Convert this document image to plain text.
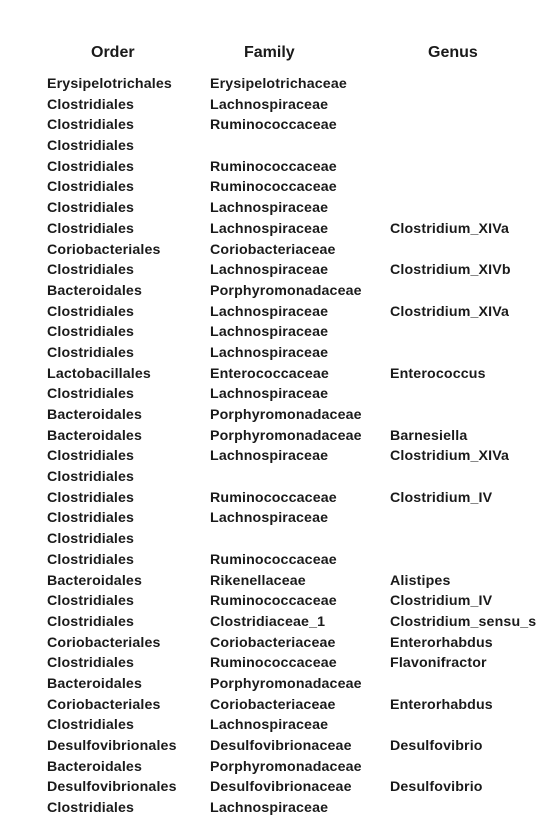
Order	Family	Genus
Erysipelotrichales	Erysipelotrichaceae
Clostridiales	Lachnospiraceae
Clostridiales	Ruminococcaceae
Clostridiales
Clostridiales	Ruminococcaceae
Clostridiales	Ruminococcaceae
Clostridiales	Lachnospiraceae
Clostridiales	Lachnospiraceae	Clostridium_XIVa
Coriobacteriales	Coriobacteriaceae
Clostridiales	Lachnospiraceae	Clostridium_XIVb
Bacteroidales	Porphyromonadaceae
Clostridiales	Lachnospiraceae	Clostridium_XIVa
Clostridiales	Lachnospiraceae
Clostridiales	Lachnospiraceae
Lactobacillales	Enterococcaceae	Enterococcus
Clostridiales	Lachnospiraceae
Bacteroidales	Porphyromonadaceae
Bacteroidales	Porphyromonadaceae Barnesiella
Clostridiales	Lachnospiraceae	Clostridium_XIVa
Clostridiales
Clostridiales	Ruminococcaceae	Clostridium_IV
Clostridiales	Lachnospiraceae
Clostridiales
Clostridiales	Ruminococcaceae
Bacteroidales	Rikenellaceae	Alistipes
Clostridiales	Ruminococcaceae	Clostridium_IV
Clostridiales	Clostridiaceae_1	Clostridium_sensu_s
Coriobacteriales	Coriobacteriaceae	Enterorhabdus
Clostridiales	Ruminococcaceae	Flavonifractor
Bacteroidales	Porphyromonadaceae
Coriobacteriales	Coriobacteriaceae	Enterorhabdus
Clostridiales	Lachnospiraceae
Desulfovibrionales Desulfovibrionaceae	Desulfovibrio
Bacteroidales	Porphyromonadaceae
Desulfovibrionales Desulfovibrionaceae	Desulfovibrio
Clostridiales	Lachnospiraceae
